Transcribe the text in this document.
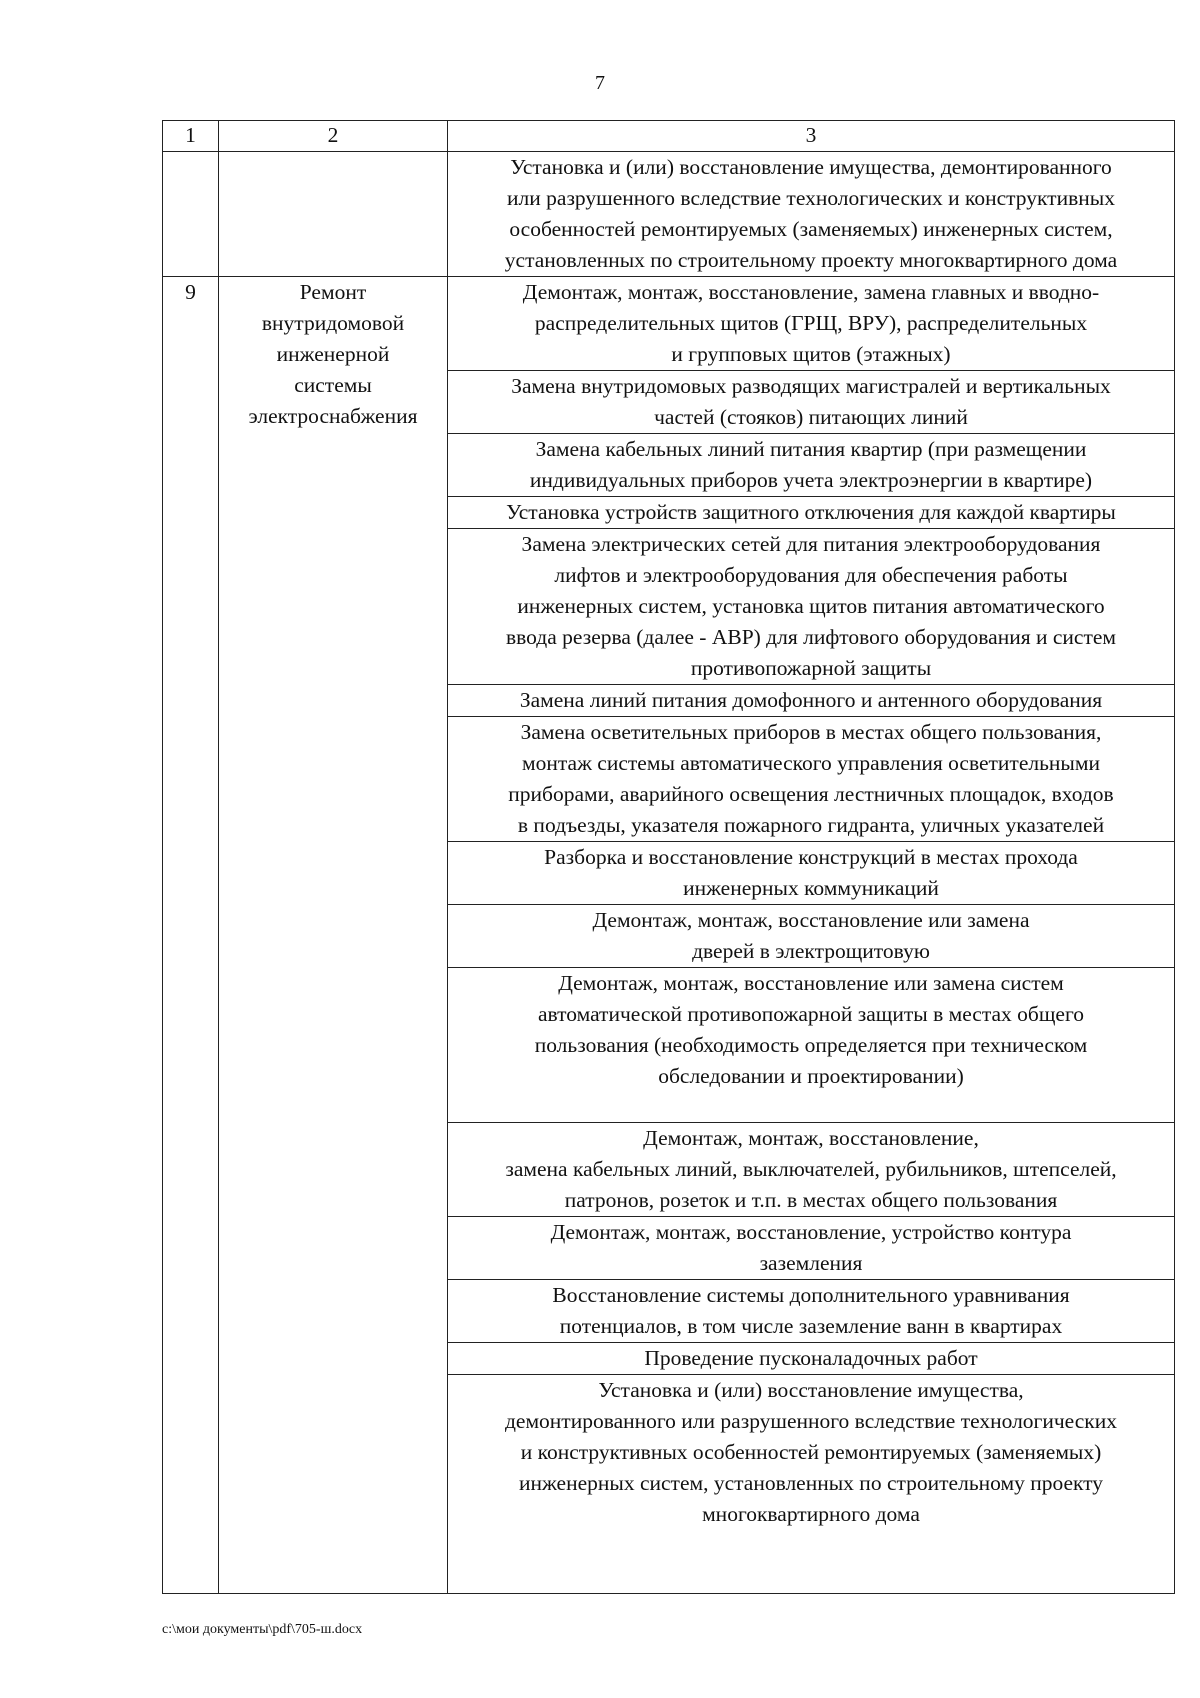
7
1	2	3
		Установка и (или) восстановление имущества, демонтированного
или разрушенного вследствие технологических и конструктивных
особенностей ремонтируемых (заменяемых) инженерных систем,
установленных по строительному проекту многоквартирного дома
9	Ремонт
внутридомовой
инженерной
системы
электроснабжения	Демонтаж, монтаж, восстановление, замена главных и вводно-
распределительных щитов (ГРЩ, ВРУ), распределительных
и групповых щитов (этажных)
		Замена внутридомовых разводящих магистралей и вертикальных
частей (стояков) питающих линий
		Замена кабельных линий питания квартир (при размещении
индивидуальных приборов учета электроэнергии в квартире)
		Установка устройств защитного отключения для каждой квартиры
		Замена электрических сетей для питания электрооборудования
лифтов и электрооборудования для обеспечения работы
инженерных систем, установка щитов питания автоматического
ввода резерва (далее - АВР) для лифтового оборудования и систем
противопожарной защиты
		Замена линий питания домофонного и антенного оборудования
		Замена осветительных приборов в местах общего пользования,
монтаж системы автоматического управления осветительными
приборами, аварийного освещения лестничных площадок, входов
в подъезды, указателя пожарного гидранта, уличных указателей
		Разборка и восстановление конструкций в местах прохода
инженерных коммуникаций
		Демонтаж, монтаж, восстановление или замена
дверей в электрощитовую
		Демонтаж, монтаж, восстановление или замена систем
автоматической противопожарной защиты в местах общего
пользования (необходимость определяется при техническом
обследовании и проектировании)
		Демонтаж, монтаж, восстановление,
замена кабельных линий, выключателей, рубильников, штепселей,
патронов, розеток и т.п. в местах общего пользования
		Демонтаж, монтаж, восстановление, устройство контура
заземления
		Восстановление системы дополнительного уравнивания
потенциалов, в том числе заземление ванн в квартирах
		Проведение пусконаладочных работ
		Установка и (или) восстановление имущества,
демонтированного или разрушенного вследствие технологических
и конструктивных особенностей ремонтируемых (заменяемых)
инженерных систем, установленных по строительному проекту
многоквартирного дома
c:\мои документы\pdf\705-ш.docx
